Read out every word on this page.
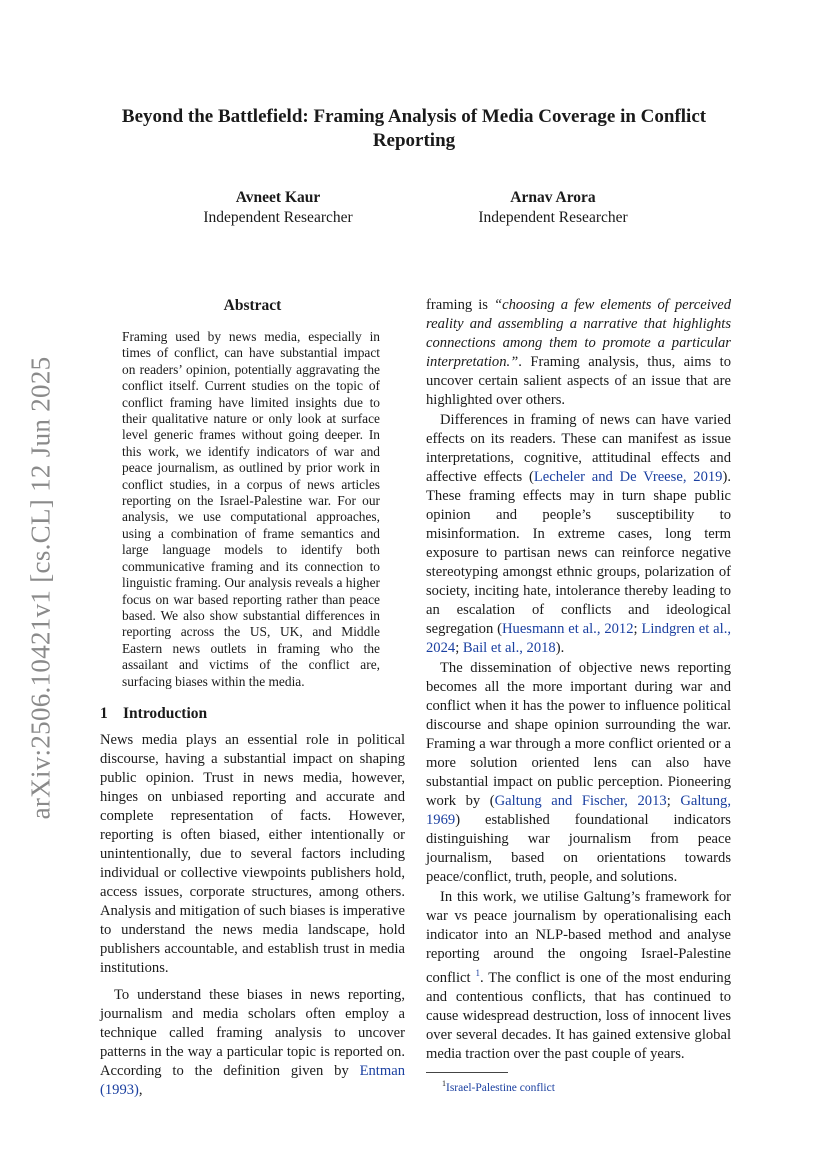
arXiv:2506.10421v1 [cs.CL] 12 Jun 2025
Beyond the Battlefield: Framing Analysis of Media Coverage in Conflict Reporting
Avneet Kaur
Independent Researcher
Arnav Arora
Independent Researcher
Abstract
Framing used by news media, especially in times of conflict, can have substantial impact on readers’ opinion, potentially aggravating the conflict itself. Current studies on the topic of conflict framing have limited insights due to their qualitative nature or only look at surface level generic frames without going deeper. In this work, we identify indicators of war and peace journalism, as outlined by prior work in conflict studies, in a corpus of news articles reporting on the Israel-Palestine war. For our analysis, we use computational approaches, using a combination of frame semantics and large language models to identify both communicative framing and its connection to linguistic framing. Our analysis reveals a higher focus on war based reporting rather than peace based. We also show substantial differences in reporting across the US, UK, and Middle Eastern news outlets in framing who the assailant and victims of the conflict are, surfacing biases within the media.
1 Introduction

News media plays an essential role in political discourse, having a substantial impact on shaping public opinion. Trust in news media, however, hinges on unbiased reporting and accurate and complete representation of facts. However, reporting is often biased, either intentionally or unintentionally, due to several factors including individual or collective viewpoints publishers hold, access issues, corporate structures, among others. Analysis and mitigation of such biases is imperative to understand the news media landscape, hold publishers accountable, and establish trust in media institutions.

To understand these biases in news reporting, journalism and media scholars often employ a technique called framing analysis to uncover patterns in the way a particular topic is reported on. According to the definition given by Entman (1993),

framing is “choosing a few elements of perceived reality and assembling a narrative that highlights connections among them to promote a particular interpretation.”. Framing analysis, thus, aims to uncover certain salient aspects of an issue that are highlighted over others.

Differences in framing of news can have varied effects on its readers. These can manifest as issue interpretations, cognitive, attitudinal effects and affective effects (Lecheler and De Vreese, 2019). These framing effects may in turn shape public opinion and people’s susceptibility to misinformation. In extreme cases, long term exposure to partisan news can reinforce negative stereotyping amongst ethnic groups, polarization of society, inciting hate, intolerance thereby leading to an escalation of conflicts and ideological segregation (Huesmann et al., 2012; Lindgren et al., 2024; Bail et al., 2018).

The dissemination of objective news reporting becomes all the more important during war and conflict when it has the power to influence political discourse and shape opinion surrounding the war. Framing a war through a more conflict oriented or a more solution oriented lens can also have substantial impact on public perception. Pioneering work by (Galtung and Fischer, 2013; Galtung, 1969) established foundational indicators distinguishing war journalism from peace journalism, based on orientations towards peace/conflict, truth, people, and solutions.

In this work, we utilise Galtung’s framework for war vs peace journalism by operationalising each indicator into an NLP-based method and analyse reporting around the ongoing Israel-Palestine conflict $^1$. The conflict is one of the most enduring and contentious conflicts, that has continued to cause widespread destruction, loss of innocent lives over several decades. It has gained extensive global media traction over the past couple of years.

$^1$Israel-Palestine conflict
